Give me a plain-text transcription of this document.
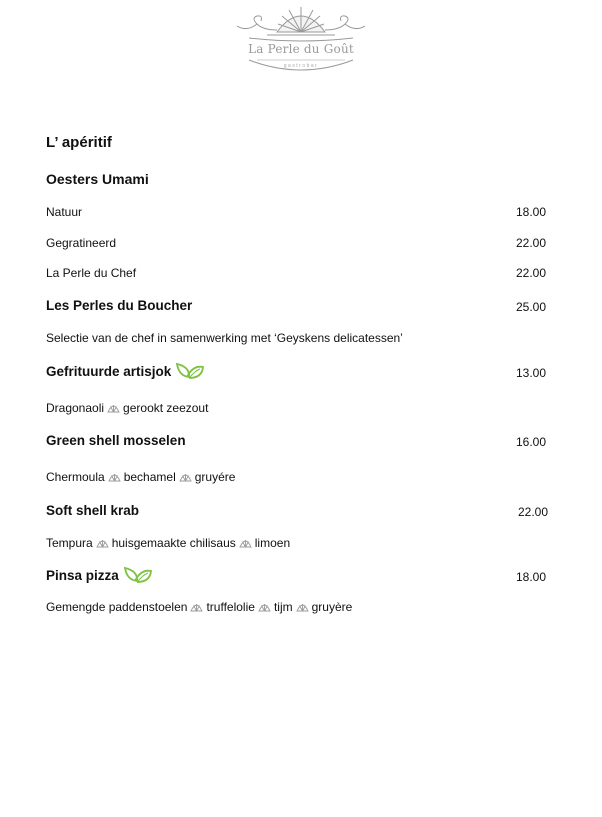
La Perle du Goût
gastrobar
L’ apéritif
Oesters Umami
Natuur	18.00
Gegratineerd	22.00
La Perle du Chef	22.00
Les Perles du Boucher	25.00
Selectie van de chef in samenwerking met ‘Geyskens delicatessen’
Gefrituurde artisjok	13.00
Dragonaoli gerookt zeezout
Green shell mosselen	16.00
Chermoula bechamel gruyére
Soft shell krab	22.00
Tempura huisgemaakte chilisaus limoen
Pinsa pizza	18.00
Gemengde paddenstoelen truffelolie tijm gruyère
